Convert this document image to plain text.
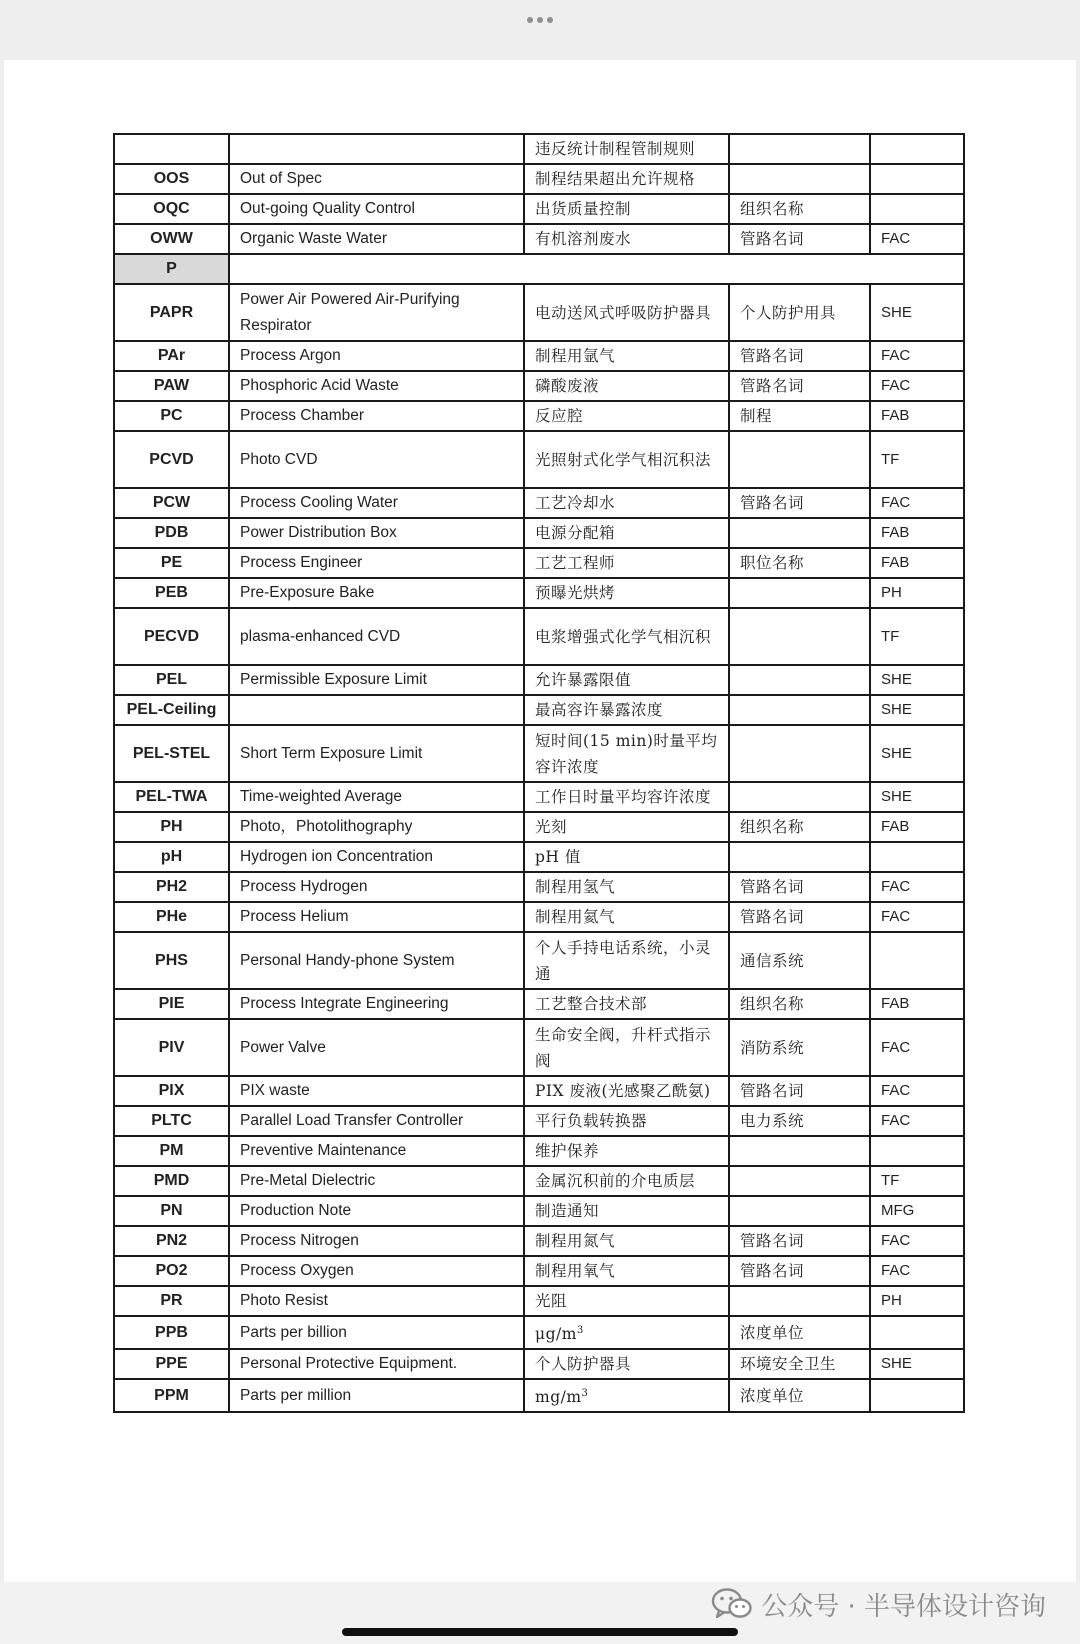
		违反统计制程管制规则		
OOS	Out of Spec	制程结果超出允许规格		
OQC	Out-going Quality Control	出货质量控制	组织名称	
OWW	Organic Waste Water	有机溶剂废水	管路名词	FAC
P				
PAPR	Power Air Powered Air-Purifying Respirator	电动送风式呼吸防护器具	个人防护用具	SHE
PAr	Process Argon	制程用氩气	管路名词	FAC
PAW	Phosphoric Acid Waste	磷酸废液	管路名词	FAC
PC	Process Chamber	反应腔	制程	FAB
PCVD	Photo CVD	光照射式化学气相沉积法		TF
PCW	Process Cooling Water	工艺冷却水	管路名词	FAC
PDB	Power Distribution Box	电源分配箱		FAB
PE	Process Engineer	工艺工程师	职位名称	FAB
PEB	Pre-Exposure Bake	预曝光烘烤		PH
PECVD	plasma-enhanced CVD	电浆增强式化学气相沉积		TF
PEL	Permissible Exposure Limit	允许暴露限值		SHE
PEL-Ceiling		最高容许暴露浓度		SHE
PEL-STEL	Short Term Exposure Limit	短时间(15 min)时量平均容许浓度		SHE
PEL-TWA	Time-weighted Average	工作日时量平均容许浓度		SHE
PH	Photo，Photolithography	光刻	组织名称	FAB
pH	Hydrogen ion Concentration	pH 值		
PH2	Process Hydrogen	制程用氢气	管路名词	FAC
PHe	Process Helium	制程用氦气	管路名词	FAC
PHS	Personal Handy-phone System	个人手持电话系统，小灵通	通信系统	
PIE	Process Integrate Engineering	工艺整合技术部	组织名称	FAB
PIV	Power Valve	生命安全阀，升杆式指示阀	消防系统	FAC
PIX	PIX waste	PIX 废液(光感聚乙酰氨)	管路名词	FAC
PLTC	Parallel Load Transfer Controller	平行负载转换器	电力系统	FAC
PM	Preventive Maintenance	维护保养		
PMD	Pre-Metal Dielectric	金属沉积前的介电质层		TF
PN	Production Note	制造通知		MFG
PN2	Process Nitrogen	制程用氮气	管路名词	FAC
PO2	Process Oxygen	制程用氧气	管路名词	FAC
PR	Photo Resist	光阻		PH
PPB	Parts per billion	$\mu g/m^3$	浓度单位	
PPE	Personal Protective Equipment.	个人防护器具	环境安全卫生	SHE
PPM	Parts per million	$mg/m^3$	浓度单位	
公众号 · 半导体设计咨询
